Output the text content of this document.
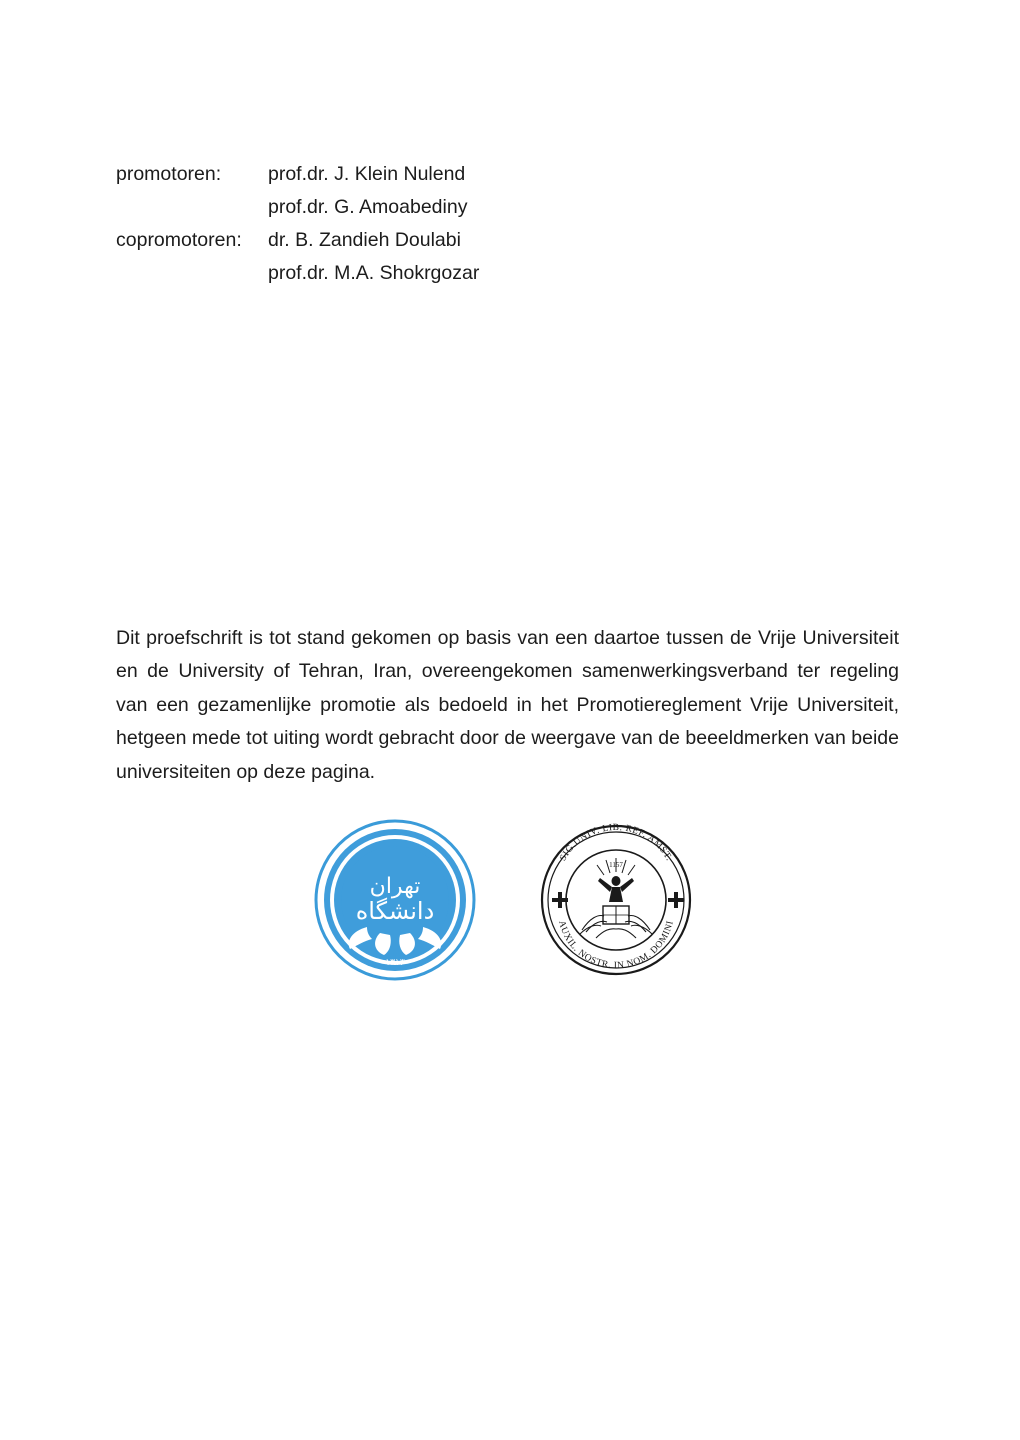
promotoren:	prof.dr. J. Klein Nulend
prof.dr. G. Amoabediny
copromotoren:	dr. B. Zandieh Doulabi
prof.dr. M.A. Shokrgozar

Dit proefschrift is tot stand gekomen op basis van een daartoe tussen de Vrije Universiteit en de University of Tehran, Iran, overeengekomen samenwerkingsverband ter regeling van een gezamenlijke promotie als bedoeld in het Promotiereglement Vrije Universiteit, hetgeen mede tot uiting wordt gebracht door de weergave van de beeeldmerken van beide universiteiten op deze pagina.

تهران
دانشگاه
۱۳۱۳
SIG.UNIV. LIB. REF. AMST.
AUXIL. NOSTR. IN NOM. DOMINI
1157
